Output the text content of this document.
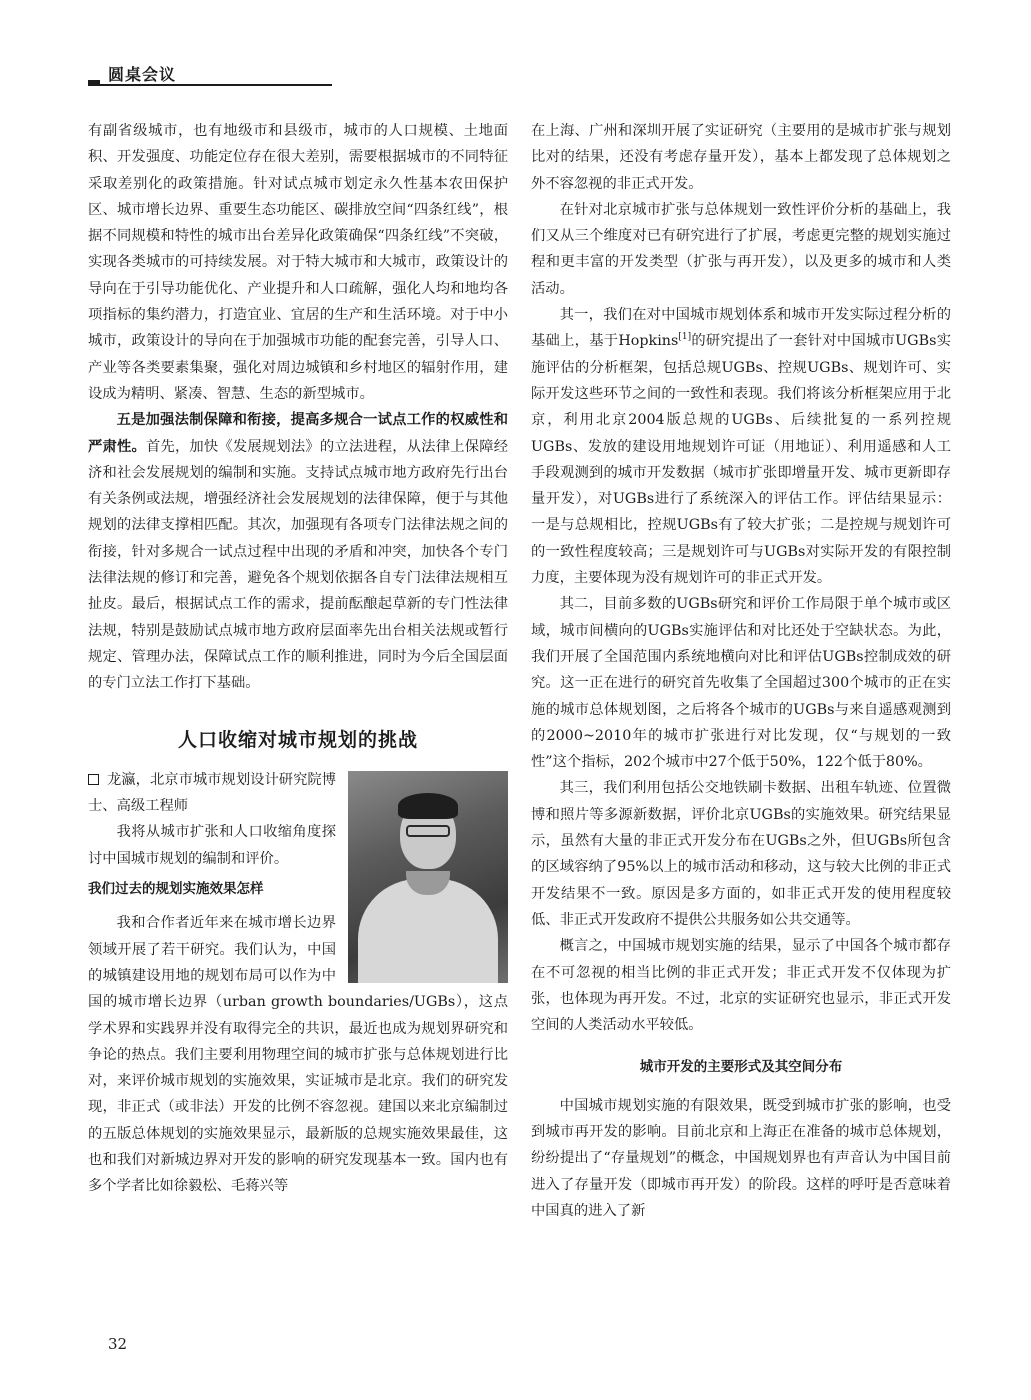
圆桌会议

有副省级城市，也有地级市和县级市，城市的人口规模、土地面积、开发强度、功能定位存在很大差别，需要根据城市的不同特征采取差别化的政策措施。针对试点城市划定永久性基本农田保护区、城市增长边界、重要生态功能区、碳排放空间“四条红线”，根据不同规模和特性的城市出台差异化政策确保“四条红线”不突破，实现各类城市的可持续发展。对于特大城市和大城市，政策设计的导向在于引导功能优化、产业提升和人口疏解，强化人均和地均各项指标的集约潜力，打造宜业、宜居的生产和生活环境。对于中小城市，政策设计的导向在于加强城市功能的配套完善，引导人口、产业等各类要素集聚，强化对周边城镇和乡村地区的辐射作用，建设成为精明、紧凑、智慧、生态的新型城市。

五是加强法制保障和衔接，提高多规合一试点工作的权威性和严肃性。首先，加快《发展规划法》的立法进程，从法律上保障经济和社会发展规划的编制和实施。支持试点城市地方政府先行出台有关条例或法规，增强经济社会发展规划的法律保障，便于与其他规划的法律支撑相匹配。其次，加强现有各项专门法律法规之间的衔接，针对多规合一试点过程中出现的矛盾和冲突，加快各个专门法律法规的修订和完善，避免各个规划依据各自专门法律法规相互扯皮。最后，根据试点工作的需求，提前酝酿起草新的专门性法律法规，特别是鼓励试点城市地方政府层面率先出台相关法规或暂行规定、管理办法，保障试点工作的顺利推进，同时为今后全国层面的专门立法工作打下基础。

人口收缩对城市规划的挑战

龙瀛，北京市城市规划设计研究院博士、高级工程师

我将从城市扩张和人口收缩角度探讨中国城市规划的编制和评价。

我们过去的规划实施效果怎样

我和合作者近年来在城市增长边界领域开展了若干研究。我们认为，中国的城镇建设用地的规划布局可以作为中国的城市增长边界（urban growth boundaries/UGBs），这点学术界和实践界并没有取得完全的共识，最近也成为规划界研究和争论的热点。我们主要利用物理空间的城市扩张与总体规划进行比对，来评价城市规划的实施效果，实证城市是北京。我们的研究发现，非正式（或非法）开发的比例不容忽视。建国以来北京编制过的五版总体规划的实施效果显示，最新版的总规实施效果最佳，这也和我们对新城边界对开发的影响的研究发现基本一致。国内也有多个学者比如徐毅松、毛蒋兴等

在上海、广州和深圳开展了实证研究（主要用的是城市扩张与规划比对的结果，还没有考虑存量开发），基本上都发现了总体规划之外不容忽视的非正式开发。

在针对北京城市扩张与总体规划一致性评价分析的基础上，我们又从三个维度对已有研究进行了扩展，考虑更完整的规划实施过程和更丰富的开发类型（扩张与再开发），以及更多的城市和人类活动。

其一，我们在对中国城市规划体系和城市开发实际过程分析的基础上，基于Hopkins[1]的研究提出了一套针对中国城市UGBs实施评估的分析框架，包括总规UGBs、控规UGBs、规划许可、实际开发这些环节之间的一致性和表现。我们将该分析框架应用于北京，利用北京2004版总规的UGBs、后续批复的一系列控规UGBs、发放的建设用地规划许可证（用地证）、利用遥感和人工手段观测到的城市开发数据（城市扩张即增量开发、城市更新即存量开发），对UGBs进行了系统深入的评估工作。评估结果显示：一是与总规相比，控规UGBs有了较大扩张；二是控规与规划许可的一致性程度较高；三是规划许可与UGBs对实际开发的有限控制力度，主要体现为没有规划许可的非正式开发。

其二，目前多数的UGBs研究和评价工作局限于单个城市或区域，城市间横向的UGBs实施评估和对比还处于空缺状态。为此，我们开展了全国范围内系统地横向对比和评估UGBs控制成效的研究。这一正在进行的研究首先收集了全国超过300个城市的正在实施的城市总体规划图，之后将各个城市的UGBs与来自遥感观测到的2000~2010年的城市扩张进行对比发现，仅“与规划的一致性”这个指标，202个城市中27个低于50%，122个低于80%。

其三，我们利用包括公交地铁刷卡数据、出租车轨迹、位置微博和照片等多源新数据，评价北京UGBs的实施效果。研究结果显示，虽然有大量的非正式开发分布在UGBs之外，但UGBs所包含的区域容纳了95%以上的城市活动和移动，这与较大比例的非正式开发结果不一致。原因是多方面的，如非正式开发的使用程度较低、非正式开发政府不提供公共服务如公共交通等。

概言之，中国城市规划实施的结果，显示了中国各个城市都存在不可忽视的相当比例的非正式开发；非正式开发不仅体现为扩张，也体现为再开发。不过，北京的实证研究也显示，非正式开发空间的人类活动水平较低。

城市开发的主要形式及其空间分布

中国城市规划实施的有限效果，既受到城市扩张的影响，也受到城市再开发的影响。目前北京和上海正在准备的城市总体规划，纷纷提出了“存量规划”的概念，中国规划界也有声音认为中国目前进入了存量开发（即城市再开发）的阶段。这样的呼吁是否意味着中国真的进入了新

32
